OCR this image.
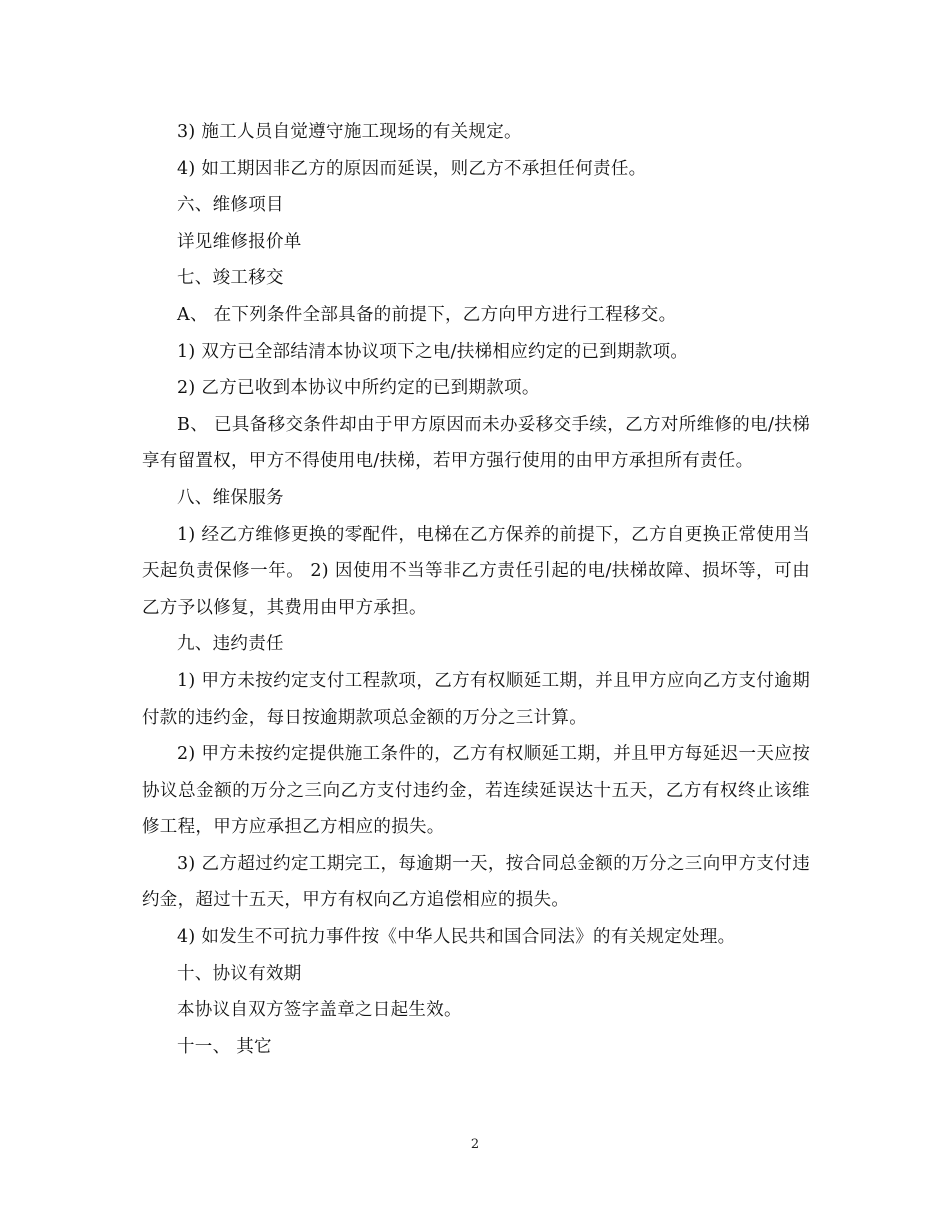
3) 施工人员自觉遵守施工现场的有关规定。

4) 如工期因非乙方的原因而延误，则乙方不承担任何责任。

六、维修项目

详见维修报价单

七、竣工移交

A、 在下列条件全部具备的前提下，乙方向甲方进行工程移交。

1) 双方已全部结清本协议项下之电/扶梯相应约定的已到期款项。

2) 乙方已收到本协议中所约定的已到期款项。

B、 已具备移交条件却由于甲方原因而未办妥移交手续，乙方对所维修的电/扶梯享有留置权，甲方不得使用电/扶梯，若甲方强行使用的由甲方承担所有责任。

八、维保服务

1) 经乙方维修更换的零配件，电梯在乙方保养的前提下，乙方自更换正常使用当天起负责保修一年。 2) 因使用不当等非乙方责任引起的电/扶梯故障、损坏等，可由乙方予以修复，其费用由甲方承担。

九、违约责任

1) 甲方未按约定支付工程款项，乙方有权顺延工期，并且甲方应向乙方支付逾期付款的违约金，每日按逾期款项总金额的万分之三计算。

2) 甲方未按约定提供施工条件的，乙方有权顺延工期，并且甲方每延迟一天应按协议总金额的万分之三向乙方支付违约金，若连续延误达十五天，乙方有权终止该维修工程，甲方应承担乙方相应的损失。

3) 乙方超过约定工期完工，每逾期一天，按合同总金额的万分之三向甲方支付违约金，超过十五天，甲方有权向乙方追偿相应的损失。

4) 如发生不可抗力事件按《中华人民共和国合同法》的有关规定处理。

十、协议有效期

本协议自双方签字盖章之日起生效。

十一、 其它

2
